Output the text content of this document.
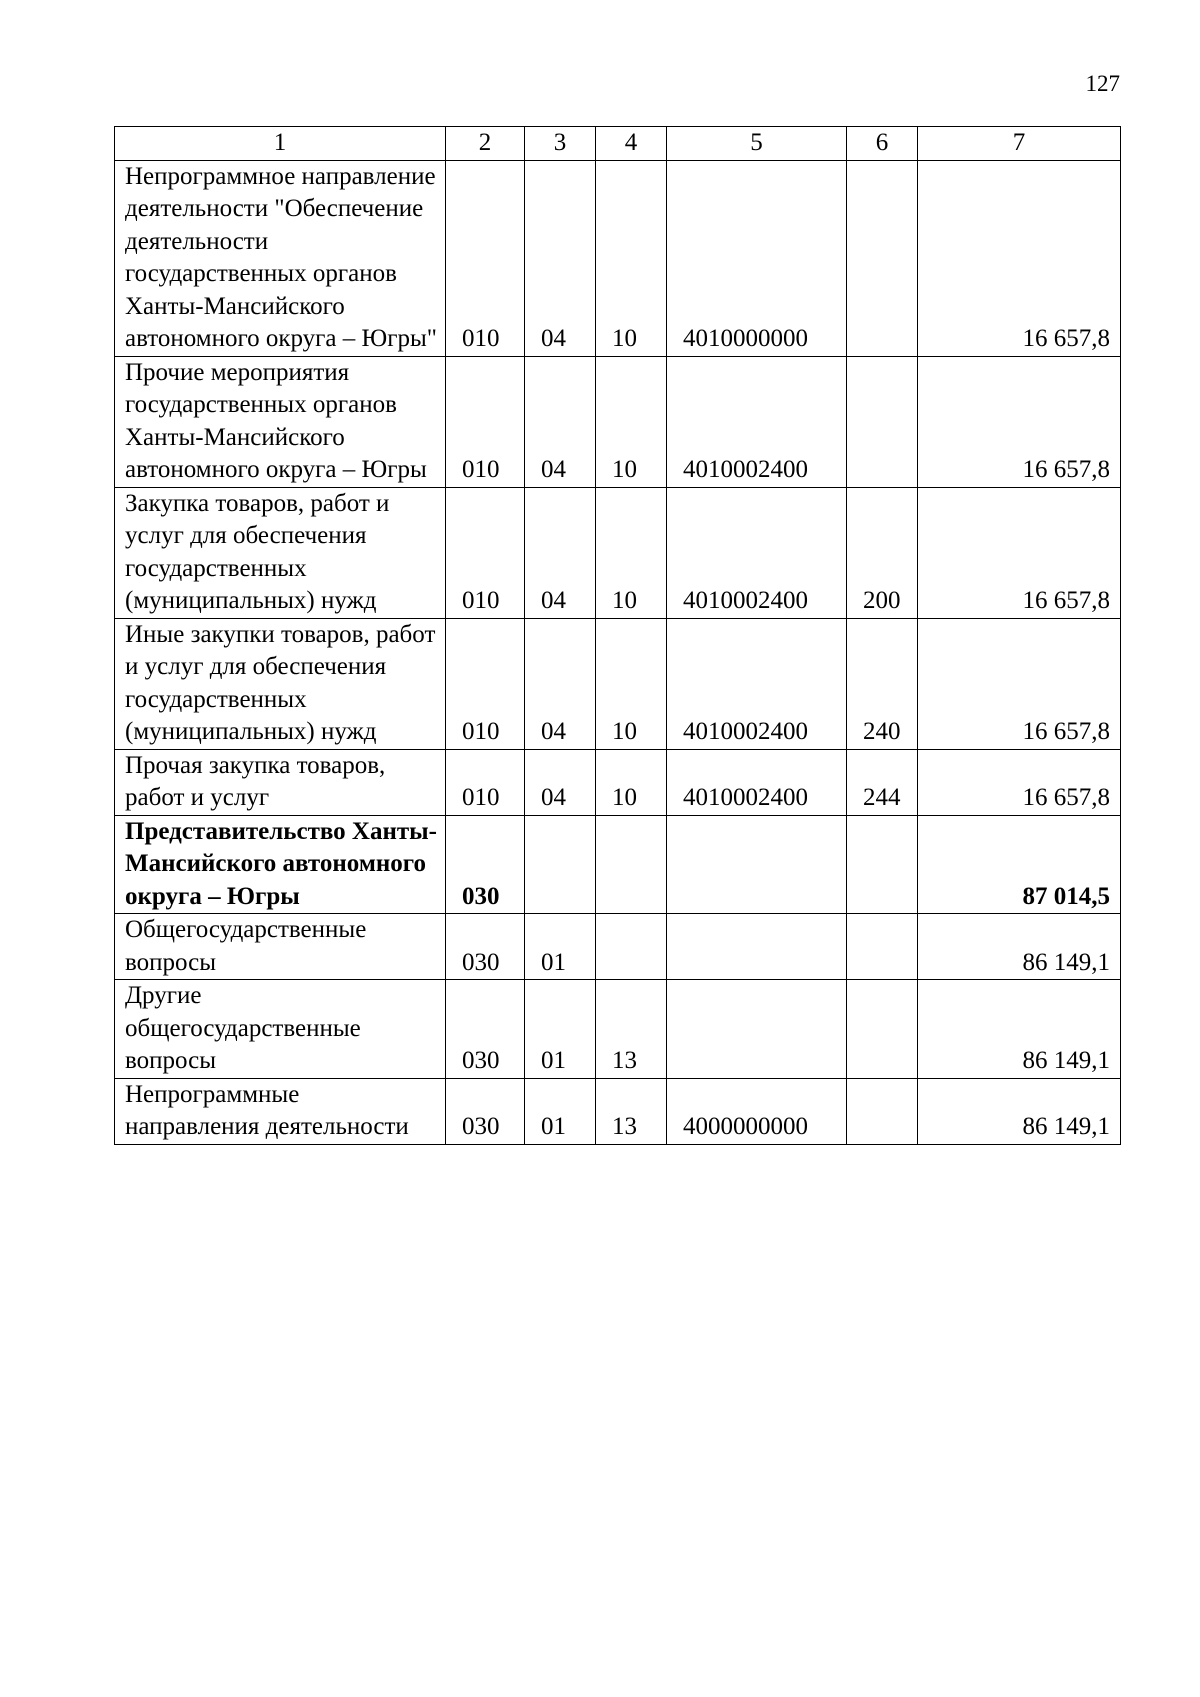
127
1	2	3	4	5	6	7
Непрограммное направление деятельности "Обеспечение деятельности государственных органов Ханты-Мансийского автономного округа – Югры"	010	04	10	4010000000		16 657,8
Прочие мероприятия государственных органов Ханты-Мансийского автономного округа – Югры	010	04	10	4010002400		16 657,8
Закупка товаров, работ и услуг для обеспечения государственных (муниципальных) нужд	010	04	10	4010002400	200	16 657,8
Иные закупки товаров, работ и услуг для обеспечения государственных (муниципальных) нужд	010	04	10	4010002400	240	16 657,8
Прочая закупка товаров, работ и услуг	010	04	10	4010002400	244	16 657,8
Представительство Ханты-Мансийского автономного округа – Югры	030					87 014,5
Общегосударственные вопросы	030	01				86 149,1
Другие общегосударственные вопросы	030	01	13			86 149,1
Непрограммные направления деятельности	030	01	13	4000000000		86 149,1
